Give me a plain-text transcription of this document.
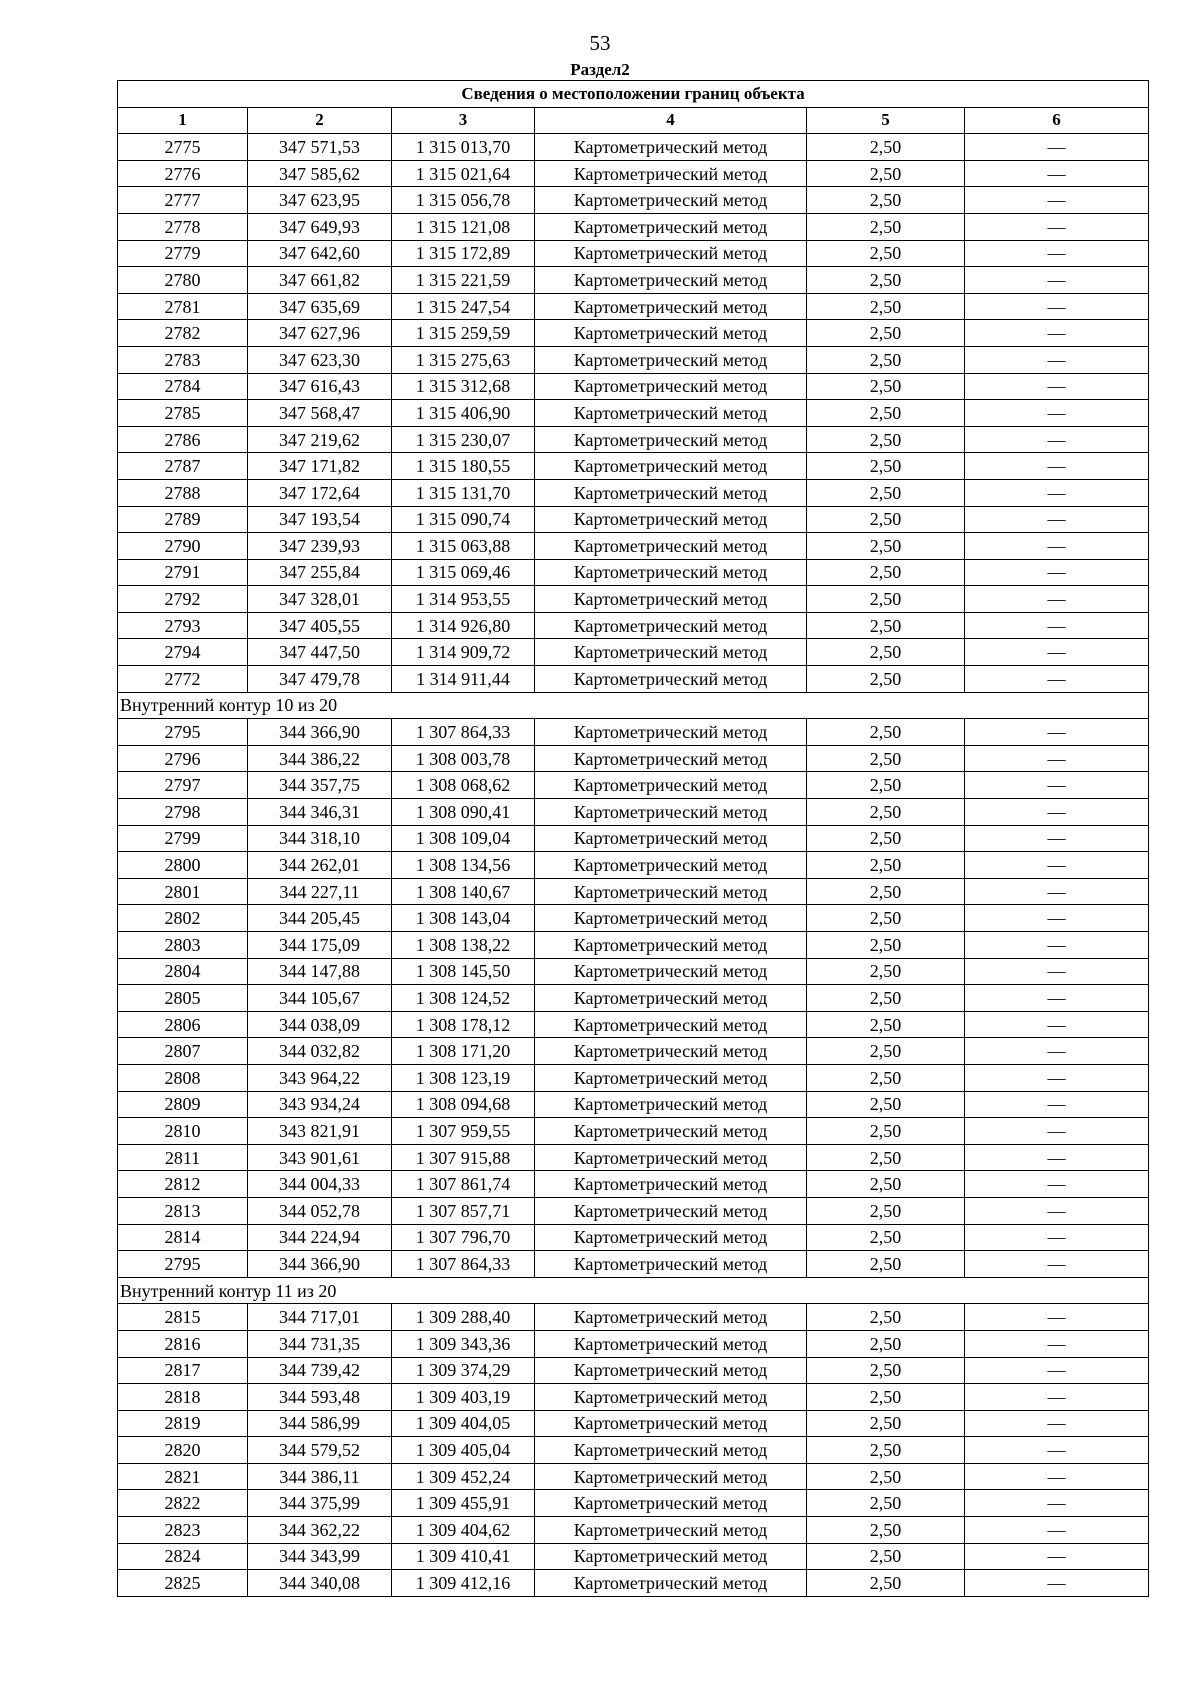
53
Раздел2
Сведения о местоположении границ объекта					
1	2	3	4	5	6
2775	347 571,53	1 315 013,70	Картометрический метод	2,50	—
2776	347 585,62	1 315 021,64	Картометрический метод	2,50	—
2777	347 623,95	1 315 056,78	Картометрический метод	2,50	—
2778	347 649,93	1 315 121,08	Картометрический метод	2,50	—
2779	347 642,60	1 315 172,89	Картометрический метод	2,50	—
2780	347 661,82	1 315 221,59	Картометрический метод	2,50	—
2781	347 635,69	1 315 247,54	Картометрический метод	2,50	—
2782	347 627,96	1 315 259,59	Картометрический метод	2,50	—
2783	347 623,30	1 315 275,63	Картометрический метод	2,50	—
2784	347 616,43	1 315 312,68	Картометрический метод	2,50	—
2785	347 568,47	1 315 406,90	Картометрический метод	2,50	—
2786	347 219,62	1 315 230,07	Картометрический метод	2,50	—
2787	347 171,82	1 315 180,55	Картометрический метод	2,50	—
2788	347 172,64	1 315 131,70	Картометрический метод	2,50	—
2789	347 193,54	1 315 090,74	Картометрический метод	2,50	—
2790	347 239,93	1 315 063,88	Картометрический метод	2,50	—
2791	347 255,84	1 315 069,46	Картометрический метод	2,50	—
2792	347 328,01	1 314 953,55	Картометрический метод	2,50	—
2793	347 405,55	1 314 926,80	Картометрический метод	2,50	—
2794	347 447,50	1 314 909,72	Картометрический метод	2,50	—
2772	347 479,78	1 314 911,44	Картометрический метод	2,50	—
Внутренний контур 10 из 20					
2795	344 366,90	1 307 864,33	Картометрический метод	2,50	—
2796	344 386,22	1 308 003,78	Картометрический метод	2,50	—
2797	344 357,75	1 308 068,62	Картометрический метод	2,50	—
2798	344 346,31	1 308 090,41	Картометрический метод	2,50	—
2799	344 318,10	1 308 109,04	Картометрический метод	2,50	—
2800	344 262,01	1 308 134,56	Картометрический метод	2,50	—
2801	344 227,11	1 308 140,67	Картометрический метод	2,50	—
2802	344 205,45	1 308 143,04	Картометрический метод	2,50	—
2803	344 175,09	1 308 138,22	Картометрический метод	2,50	—
2804	344 147,88	1 308 145,50	Картометрический метод	2,50	—
2805	344 105,67	1 308 124,52	Картометрический метод	2,50	—
2806	344 038,09	1 308 178,12	Картометрический метод	2,50	—
2807	344 032,82	1 308 171,20	Картометрический метод	2,50	—
2808	343 964,22	1 308 123,19	Картометрический метод	2,50	—
2809	343 934,24	1 308 094,68	Картометрический метод	2,50	—
2810	343 821,91	1 307 959,55	Картометрический метод	2,50	—
2811	343 901,61	1 307 915,88	Картометрический метод	2,50	—
2812	344 004,33	1 307 861,74	Картометрический метод	2,50	—
2813	344 052,78	1 307 857,71	Картометрический метод	2,50	—
2814	344 224,94	1 307 796,70	Картометрический метод	2,50	—
2795	344 366,90	1 307 864,33	Картометрический метод	2,50	—
Внутренний контур 11 из 20					
2815	344 717,01	1 309 288,40	Картометрический метод	2,50	—
2816	344 731,35	1 309 343,36	Картометрический метод	2,50	—
2817	344 739,42	1 309 374,29	Картометрический метод	2,50	—
2818	344 593,48	1 309 403,19	Картометрический метод	2,50	—
2819	344 586,99	1 309 404,05	Картометрический метод	2,50	—
2820	344 579,52	1 309 405,04	Картометрический метод	2,50	—
2821	344 386,11	1 309 452,24	Картометрический метод	2,50	—
2822	344 375,99	1 309 455,91	Картометрический метод	2,50	—
2823	344 362,22	1 309 404,62	Картометрический метод	2,50	—
2824	344 343,99	1 309 410,41	Картометрический метод	2,50	—
2825	344 340,08	1 309 412,16	Картометрический метод	2,50	—
